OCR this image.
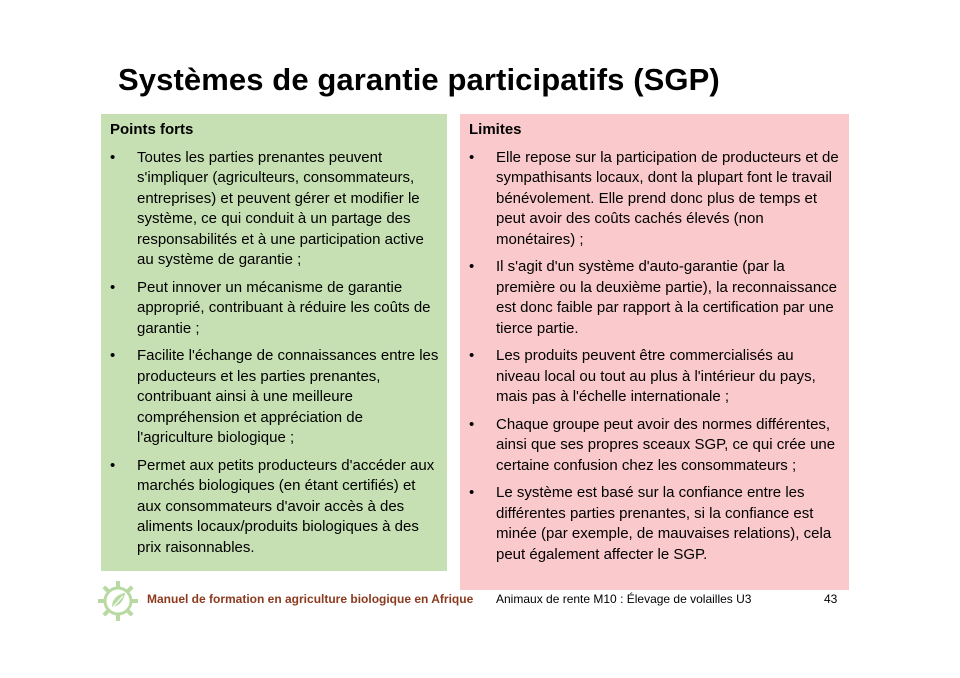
Systèmes de garantie participatifs (SGP)
Points forts
• Toutes les parties prenantes peuvent s'impliquer (agriculteurs, consommateurs, entreprises) et peuvent gérer et modifier le système, ce qui conduit à un partage des responsabilités et à une participation active au système de garantie ;
• Peut innover un mécanisme de garantie approprié, contribuant à réduire les coûts de garantie ;
• Facilite l'échange de connaissances entre les producteurs et les parties prenantes, contribuant ainsi à une meilleure compréhension et appréciation de l'agriculture biologique ;
• Permet aux petits producteurs d'accéder aux marchés biologiques (en étant certifiés) et aux consommateurs d'avoir accès à des aliments locaux/produits biologiques à des prix raisonnables.
Limites
• Elle repose sur la participation de producteurs et de sympathisants locaux, dont la plupart font le travail bénévolement. Elle prend donc plus de temps et peut avoir des coûts cachés élevés (non monétaires) ;
• Il s'agit d'un système d'auto-garantie (par la première ou la deuxième partie), la reconnaissance est donc faible par rapport à la certification par une tierce partie.
• Les produits peuvent être commercialisés au niveau local ou tout au plus à l'intérieur du pays, mais pas à l'échelle internationale ;
• Chaque groupe peut avoir des normes différentes, ainsi que ses propres sceaux SGP, ce qui crée une certaine confusion chez les consommateurs ;
• Le système est basé sur la confiance entre les différentes parties prenantes, si la confiance est minée (par exemple, de mauvaises relations), cela peut également affecter le SGP.
Manuel de formation en agriculture biologique en Afrique Animaux de rente M10 : Élevage de volailles U3	43
